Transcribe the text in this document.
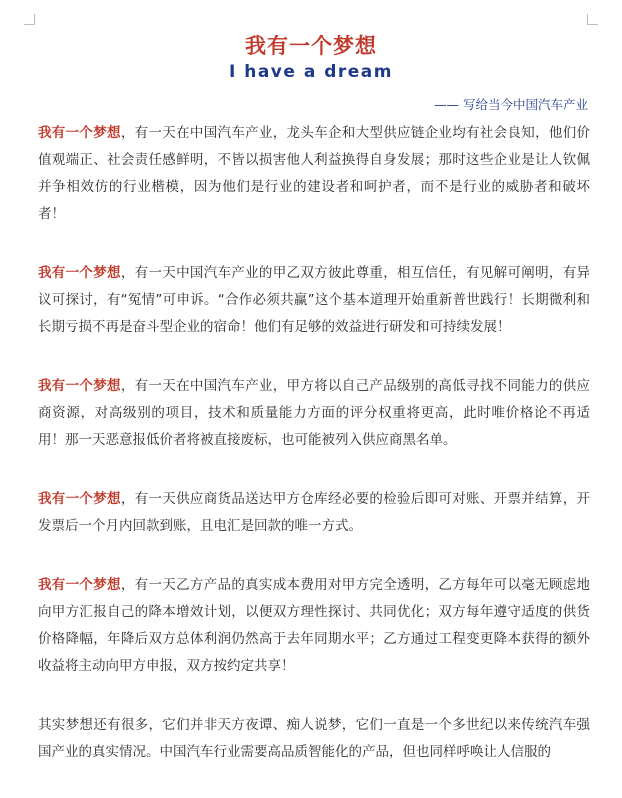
我有一个梦想
I have a dream
—— 写给当今中国汽车产业

我有一个梦想，有一天在中国汽车产业，龙头车企和大型供应链企业均有社会良知，他们价值观端正、社会责任感鲜明，不皆以损害他人利益换得自身发展；那时这些企业是让人钦佩并争相效仿的行业楷模，因为他们是行业的建设者和呵护者，而不是行业的威胁者和破坏者！

我有一个梦想，有一天中国汽车产业的甲乙双方彼此尊重，相互信任，有见解可阐明，有异议可探讨，有“冤情”可申诉。“合作必须共赢”这个基本道理开始重新普世践行！长期微利和长期亏损不再是奋斗型企业的宿命！他们有足够的效益进行研发和可持续发展！

我有一个梦想，有一天在中国汽车产业，甲方将以自己产品级别的高低寻找不同能力的供应商资源，对高级别的项目，技术和质量能力方面的评分权重将更高，此时唯价格论不再适用！那一天恶意报低价者将被直接废标，也可能被列入供应商黑名单。

我有一个梦想，有一天供应商货品送达甲方仓库经必要的检验后即可对账、开票并结算，开发票后一个月内回款到账，且电汇是回款的唯一方式。

我有一个梦想，有一天乙方产品的真实成本费用对甲方完全透明，乙方每年可以毫无顾虑地向甲方汇报自己的降本增效计划，以便双方理性探讨、共同优化；双方每年遵守适度的供货价格降幅，年降后双方总体利润仍然高于去年同期水平；乙方通过工程变更降本获得的额外收益将主动向甲方申报，双方按约定共享！

其实梦想还有很多，它们并非天方夜谭、痴人说梦，它们一直是一个多世纪以来传统汽车强国产业的真实情况。中国汽车行业需要高品质智能化的产品，但也同样呼唤让人信服的
